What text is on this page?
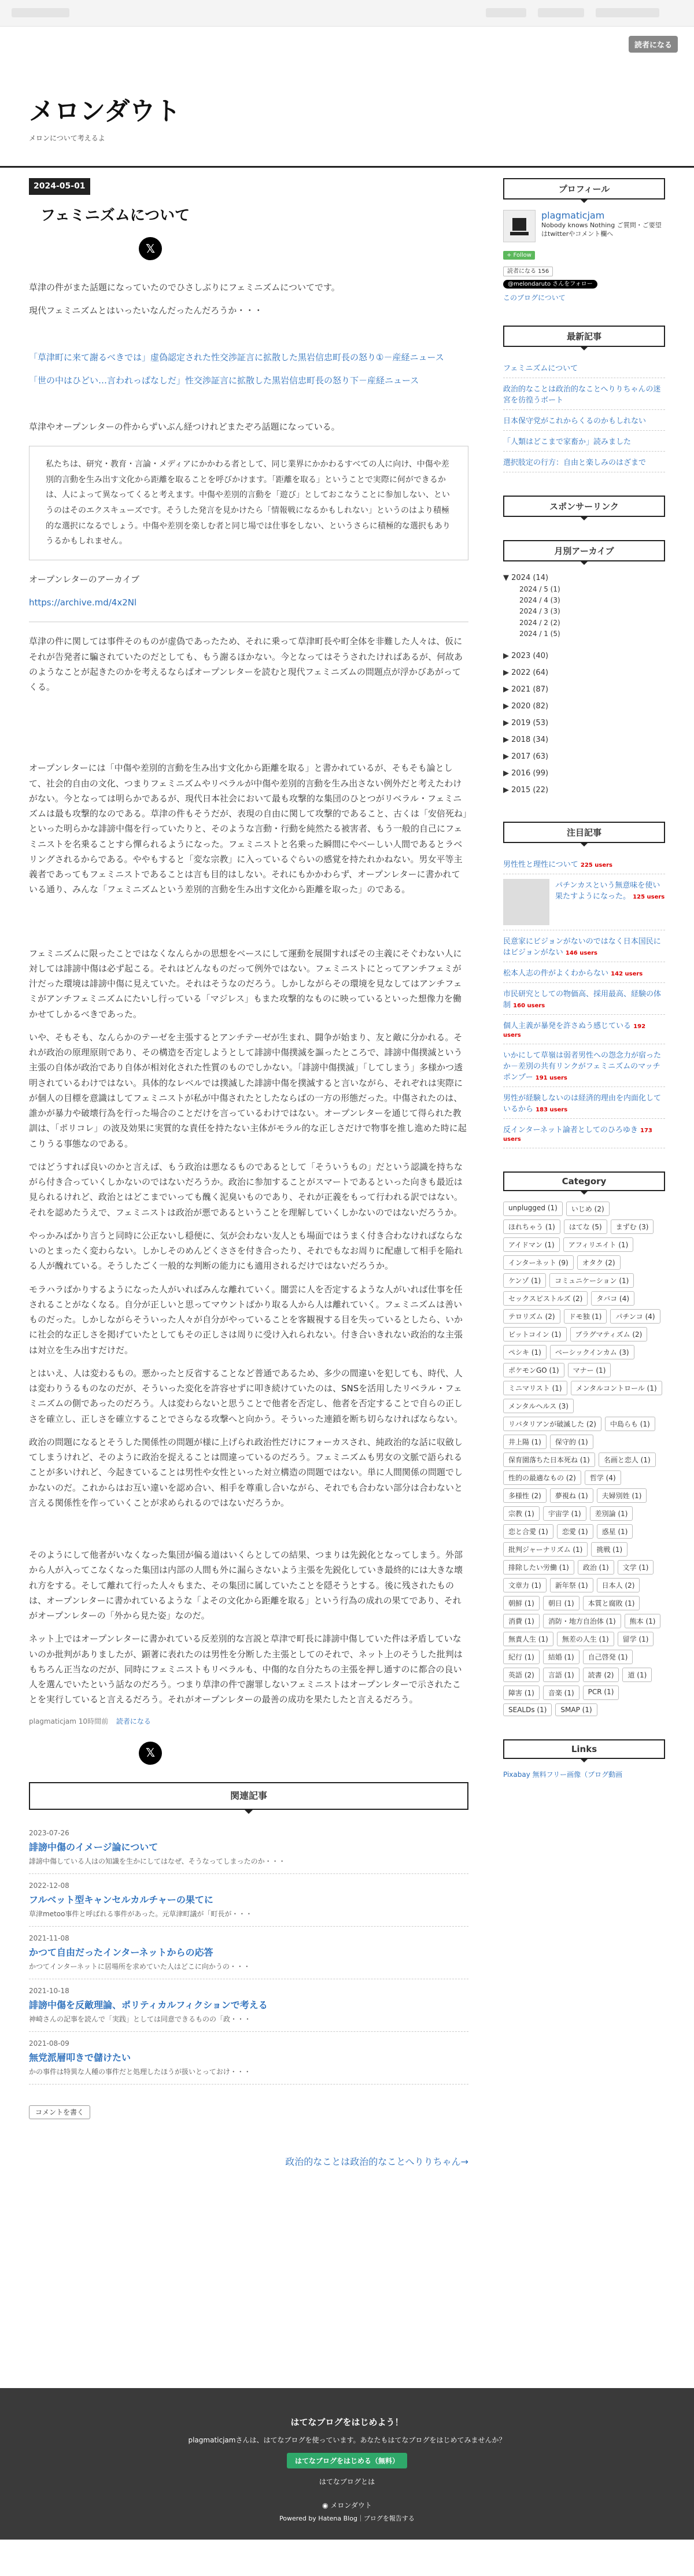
読者になる
メロンダウト
メロンについて考えるよ
2024-05-01
フェミニズムについて
𝕏
草津の件がまた話題になっていたのでひさしぶりにフェミニズムについてです。
現代フェミニズムとはいったいなんだったんだろうか・・・
「草津町に来て謝るべきでは」虚偽認定された性交渉証言に拡散した黒岩信忠町長の怒り①－産経ニュース
「世の中はひどい…言われっぱなしだ」性交渉証言に拡散した黒岩信忠町長の怒り下－産経ニュース
草津やオープンレターの件からずいぶん経つけれどまたぞろ話題になっている。
私たちは、研究・教育・言論・メディアにかかわる者として、同じ業界にかかわるすべての人に向け、中傷や差別的言動を生み出す文化から距離を取ることを呼びかけます。「距離を取る」ということで実際に何ができるかは、人によって異なってくると考えます。中傷や差別的言動を「遊び」としておこなうことに参加しない、というのはそのエクスキューズです。そうした発言を見かけたら「情報戦になるかもしれない」というのはより積極的な選択になるでしょう。中傷や差別を楽しむ者と同じ場では仕事をしない、というさらに積極的な選択もありうるかもしれません。
オープンレターのアーカイブ
https://archive.md/4x2Nl
草津の件に関しては事件そのものが虚偽であったため、それに乗って草津町長や町全体を非難した人々は、仮にそれが告発者に騙されていたのだとしても、もう謝るほかない。今となってはそうされたければあるが、何故あのようなことが起きたのかを考えるならばオープンレターを読むと現代フェミニズムの問題点が浮かびあがってくる。
オープンレターには「中傷や差別的言動を生み出す文化から距離を取る」と書かれているが、そもそも論として、社会的自由の文化、つまりフェミニズムやリベラルが中傷や差別的言動を生み出さない例外だと考えたわけがない。今となっては明らかであるが、現代日本社会において最も攻撃的な集団のひとつがリベラル・フェミニズムは最も攻撃的なのである。草津の件もそうだが、表現の自由に関して攻撃的であること、古くは「安倍死ね」といった明らかな誹謗中傷を行っていたりと、そのような言動・行動を純然たる被害者、もう一般的自己にフェミニストを名乗ることすら憚られるようになった。フェミニストと名乗った瞬間にやべーしい人間であるとラベリングされるからである。ややもすると「変な宗教」に入っているぐらいの感覚を持たれかねない。男女平等主義者であってもフェミニストであることは言も目的はしない。それにもかかわらず、オープンレターに書かれている通り、みんな「フェミニズムという差別的言動を生み出す文化から距離を取った」のである。
フェミニズムに限ったことではなくなんらかの思想をベースにして運動を展開すればその主義にそぐわない人に対しては誹謗中傷は必ず起こる。それはどんなものだって例外ではない。フェミニストにとってアンチフェミが汁だった環境は誹謗中傷に見えていた。それはそうなのだろう。しかしながらその環境を見なしてはアンチフェミがアンチフェミニズムにたいし行っている「マジレス」もまた攻撃的なものに映っているといった想像力を働かせてしかるべきであった。
いや、そもそも、なんらかのテーゼを主張するとアンチテーゼが生まれ、闘争が始まり、友と敵に分かれる。それが政治の原理原則であり、その構造を否定しようとして誹謗中傷撲滅を謳ったところで、誹謗中傷撲滅という主張の自体が政治であり自体が相対化された性質のものでしかない。「誹謗中傷撲滅」「してしまう」多様かつ透明されているわけではない。具体的なレベルでは撲滅した誹謗中傷を撲滅すると言いながら、それぞれは実際にが個人の目標を意識はしてフェミニストが私が中傷されたとしたならばの一方の形態だった。中傷されたのは、誰かが暴力や破壊行為を行った場合のことだけを言っているわけではない。オープンレターを通じて得られた教訓は、「ポリコレ」の波及効果に実質的な責任を持たない主体がモラル的な正しさだけで物事を推し進めた時に起こりうる事態なのである。
ではどうすれば良いのかと言えば、もう政治は悪なるものであるとして「そういうもの」だという認識を持ちながら付き合っていくしかないのではないだろうか。政治に参加することがスマートであるといった向きも最近は見られるけれど、政治とはどこまでいっても醜く泥臭いものであり、それが正義をもって行われる訳ではない。それを認めたうえで、フェミニストは政治が悪であるということを理解していくしかないのではないだろうか。
やっかみばかり言うと同時に公正ないし穏便に、気が会わない友人とも場面ではうまく付き合わなければならないのとまったく変わらない。しかしそのめんどくささを付き合ったり、それでもなお周りに配慮して相手を陥れる人が醜れている。そうしたごく一般的な判断の能力にも適用されるだけではないだろうか。
モラハラばかりするようになった人がいればみんな離れていく。闇雲に人を否定するような人がいれば仕事を任されることがなくなる。自分が正しいと思ってマウントばかり取る人から人は離れていく。フェミニズムは善いものだった。しかしながらそういった人々が自分がやっていることを客観視する目を失っているとしたら、いかに社会的な正しさを掲げていたとしてもその正しさは周りに受け入れられない。付き合いきれない政治的な主張は対立を生み出すだけだ。
とはいえ、人は変わるもの。悪かったと反省することなど普通であるため、多少の間違いを犯しても、時代、人は変わりうるものなのだが、そういった変化を許容せずに叩き続けていたのは、SNSを活用したリベラル・フェミニズムの側であったのだろう。人は変わらないと思うことで他者を否定し、他者を否定することで自らの正しさを確立し、正しさを確立することでさらなる攻撃へと向かう。そういった連鎖を断ち切らなければならない。
政治の問題になるとそうした関係性の問題が様に上げられ政治性だけにフォーカスされ、純政治的な話に収斂してしまうけれど、そのように政治を捉えることは間違っているのだろう。フェミニズムも男女の文脈で語られることが多いけれど、今起きていることは男性や女性といった対立構造の問題ではない。単に人間関係の問題でしかないのだ。これからはお互い違いを認め合い、相手を尊重し合いながら、それでも合わない部分は合わないと言える関係性を作っていくことが求められるのではないだろうか。
そのようにして他者がいなくなった集団が偏る道はいくらとしての結果、つまりは先鋭化となってしまう。外部から人が入ってこなくなった集団は内部の人間も外に漏らさないよう主張を先鋭化していき最終的には大きな壊れ方をする。そして離れて行った人々もまた、その集団に属していたことを隠そうとする。後に残されたものは、オープンレターに書かれているような「よその文化から距離を取る」という行為の成れの果てであり、それがオープンレターの「外から見た姿」なのだ。
ネット上ではオープンレターに書かれている反差別的な言説と草津で町長に誹謗中傷していた件は矛盾していないのか批判がありましたが、顕著に表れたのは男性を分断した主張としてのそれで、ネット上のそうした批判はもちろん正当なのだが、同時にフェミニストもリベラルも、中傷的な自分たちの主張を押し通すのに都合の良い人を選んでいたという話なのだろう。つまり草津の件で謝罪しないフェミニストはオープンレターで示されたことを実行していると言えるだろう。それがオープンレターの最善の成功を果たしたと言えるだろう。
plagmaticjam 10時間前 読者になる
𝕏
関連記事
2023-07-26
誹謗中傷のイメージ論について
誹謗中傷している人はの知識を生かにしてはなぜ、そうなってしまったのか・・・
2022-12-08
フルベット型キャンセルカルチャーの果てに
草津metoo事件と呼ばれる事件があった。元草津町議が「町長が・・・
2021-11-08
かつて自由だったインターネットからの応答
かつてインターネットに居場所を求めていた人はどこに向かうの・・・
2021-10-18
誹謗中傷を反敵理論、ポリティカルフィクションで考える
神崎さんの記事を読んで「実践」としては同意できるものの「政・・・
2021-08-09
無党派層叩きで儲けたい
かの事件は特異な人種の事件だと処理したほうが扱いとっておけ・・・
コメントを書く
政治的なことは政治的なことへりりちゃん→
プロフィール
plagmaticjam
Nobody knows Nothing ご質問・ご要望はtwitterやコメント欄へ
+ Follow
読者になる 156
@melondaruto さんをフォロー
このブログについて
最新記事
フェミニズムについて
政治的なことは政治的なことへりりちゃんの迷宮を彷徨うボート
日本保守党がこれからくるのかもしれない
「人類はどこまで家畜か」読みました
選択肢定の行方：自由と楽しみのはざまで
スポンサーリンク
月別アーカイブ
▼ 2024 (14)
2024 / 5 (1)
2024 / 4 (3)
2024 / 3 (3)
2024 / 2 (2)
2024 / 1 (5)
▶ 2023 (40)
▶ 2022 (64)
▶ 2021 (87)
▶ 2020 (82)
▶ 2019 (53)
▶ 2018 (34)
▶ 2017 (63)
▶ 2016 (99)
▶ 2015 (22)
注目記事
男性性と理性について 225 users
パチンカスという無意味を使い果たすようになった。 125 users
民意家にビジョンがないのではなく日本国民にはビジョンがない 146 users
松本人志の件がよくわからない 142 users
市民研究としての物価高、採用最高、経験の体制 160 users
個人主義が暴発を許さぬう感じている 192 users
いかにして草嶺は弱者男性への怨念力が宿ったか－差別の共有リンクがフェミニズムのマッチポンプー 191 users
男性が経験しないのは経済的理由を内面化しているから 183 users
反インターネット論者としてのひろゆき 173 users
Category
unplugged (1)	いじめ (2)
ほれちゃう (1)	はてな (5)	まずむ (3)
アイドマン (1)	アフィリエイト (1)
インターネット (9)	オタク (2)
ケンゾ (1)	コミュニケーション (1)
セックスピストルズ (2)	タバコ (4)
テロリズム (2)	ドモ独 (1)	パチンコ (4)
ビットコイン (1)	ブラグマティズム (2)
ペシキ (1)	ベーシックインカム (3)
ポケモンGO (1)	マナー (1)
ミニマリスト (1)	メンタルコントロール (1)
メンタルヘルス (3)
リバタリアンが破滅した (2)	中島らも (1)
井上陽 (1)	保守的 (1)
保育園落ちた日本死ね (1)	名画と恋人 (1)
性的の最適なもの (2)	哲学 (4)
多様性 (2)	夢視ね (1)	夫婦別姓 (1)
宗教 (1)	宇宙学 (1)	差別論 (1)
恋と合愛 (1)	恋愛 (1)	惑星 (1)
批判ジャーナリズム (1)	挑戦 (1)
排除したい労働 (1)	政治 (1)	文学 (1)
文章力 (1)	新年祭 (1)	日本人 (2)
朝鮮 (1)	朝日 (1)	本質と腐敗 (1)
消費 (1)	消防・地方自治体 (1)	熊本 (1)
無責人生 (1)	無差の人生 (1)	留学 (1)
紀行 (1)	結婚 (1)	自己啓発 (1)
英語 (2)	言語 (1)	読書 (2)	道 (1)
障害 (1)	音楽 (1)	PCR (1)
SEALDs (1)	SMAP (1)
Links
Pixabay 無料フリー画像（ブログ動画
はてなブログをはじめよう！
plagmaticjamさんは、はてなブログを使っています。あなたもはてなブログをはじめてみませんか？
はてなブログをはじめる（無料）
はてなブログとは
◉ メロンダウト
Powered by Hatena Blog｜ブログを報告する
